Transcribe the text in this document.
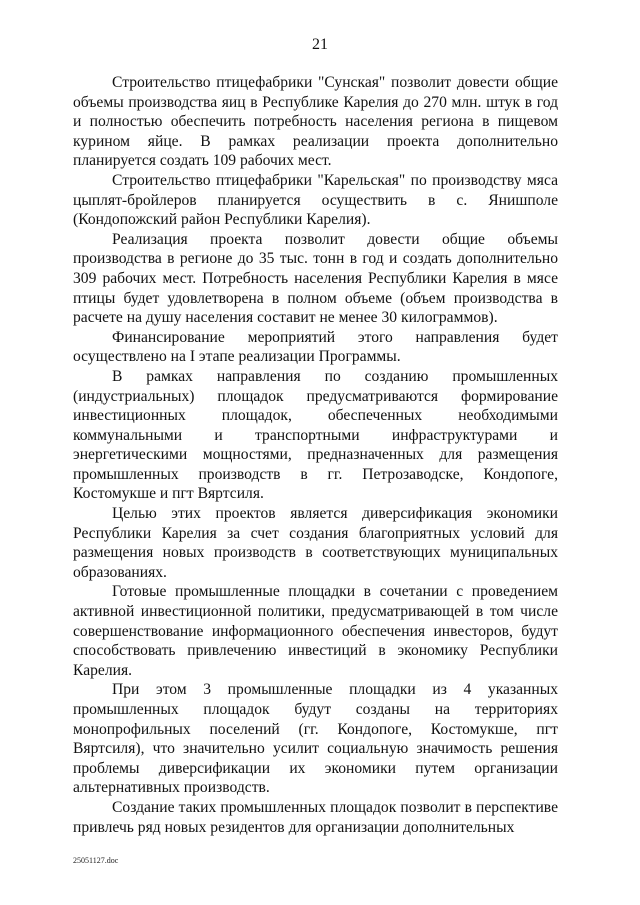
21

Строительство птицефабрики "Сунская" позволит довести общие объемы производства яиц в Республике Карелия до 270 млн. штук в год и полностью обеспечить потребность населения региона в пищевом курином яйце. В рамках реализации проекта дополнительно планируется создать 109 рабочих мест.

Строительство птицефабрики "Карельская" по производству мяса цыплят-бройлеров планируется осуществить в с. Янишполе (Кондопожский район Республики Карелия).

Реализация проекта позволит довести общие объемы производства в регионе до 35 тыс. тонн в год и создать дополнительно 309 рабочих мест. Потребность населения Республики Карелия в мясе птицы будет удовлетворена в полном объеме (объем производства в расчете на душу населения составит не менее 30 килограммов).

Финансирование мероприятий этого направления будет осуществлено на I этапе реализации Программы.

В рамках направления по созданию промышленных (индустриальных) площадок предусматриваются формирование инвестиционных площадок, обеспеченных необходимыми коммунальными и транспортными инфраструктурами и энергетическими мощностями, предназначенных для размещения промышленных производств в гг. Петрозаводске, Кондопоге, Костомукше и пгт Вяртсиля.

Целью этих проектов является диверсификация экономики Республики Карелия за счет создания благоприятных условий для размещения новых производств в соответствующих муниципальных образованиях.

Готовые промышленные площадки в сочетании с проведением активной инвестиционной политики, предусматривающей в том числе совершенствование информационного обеспечения инвесторов, будут способствовать привлечению инвестиций в экономику Республики Карелия.

При этом 3 промышленные площадки из 4 указанных промышленных площадок будут созданы на территориях монопрофильных поселений (гг. Кондопоге, Костомукше, пгт Вяртсиля), что значительно усилит социальную значимость решения проблемы диверсификации их экономики путем организации альтернативных производств.

Создание таких промышленных площадок позволит в перспективе привлечь ряд новых резидентов для организации дополнительных

25051127.doc
